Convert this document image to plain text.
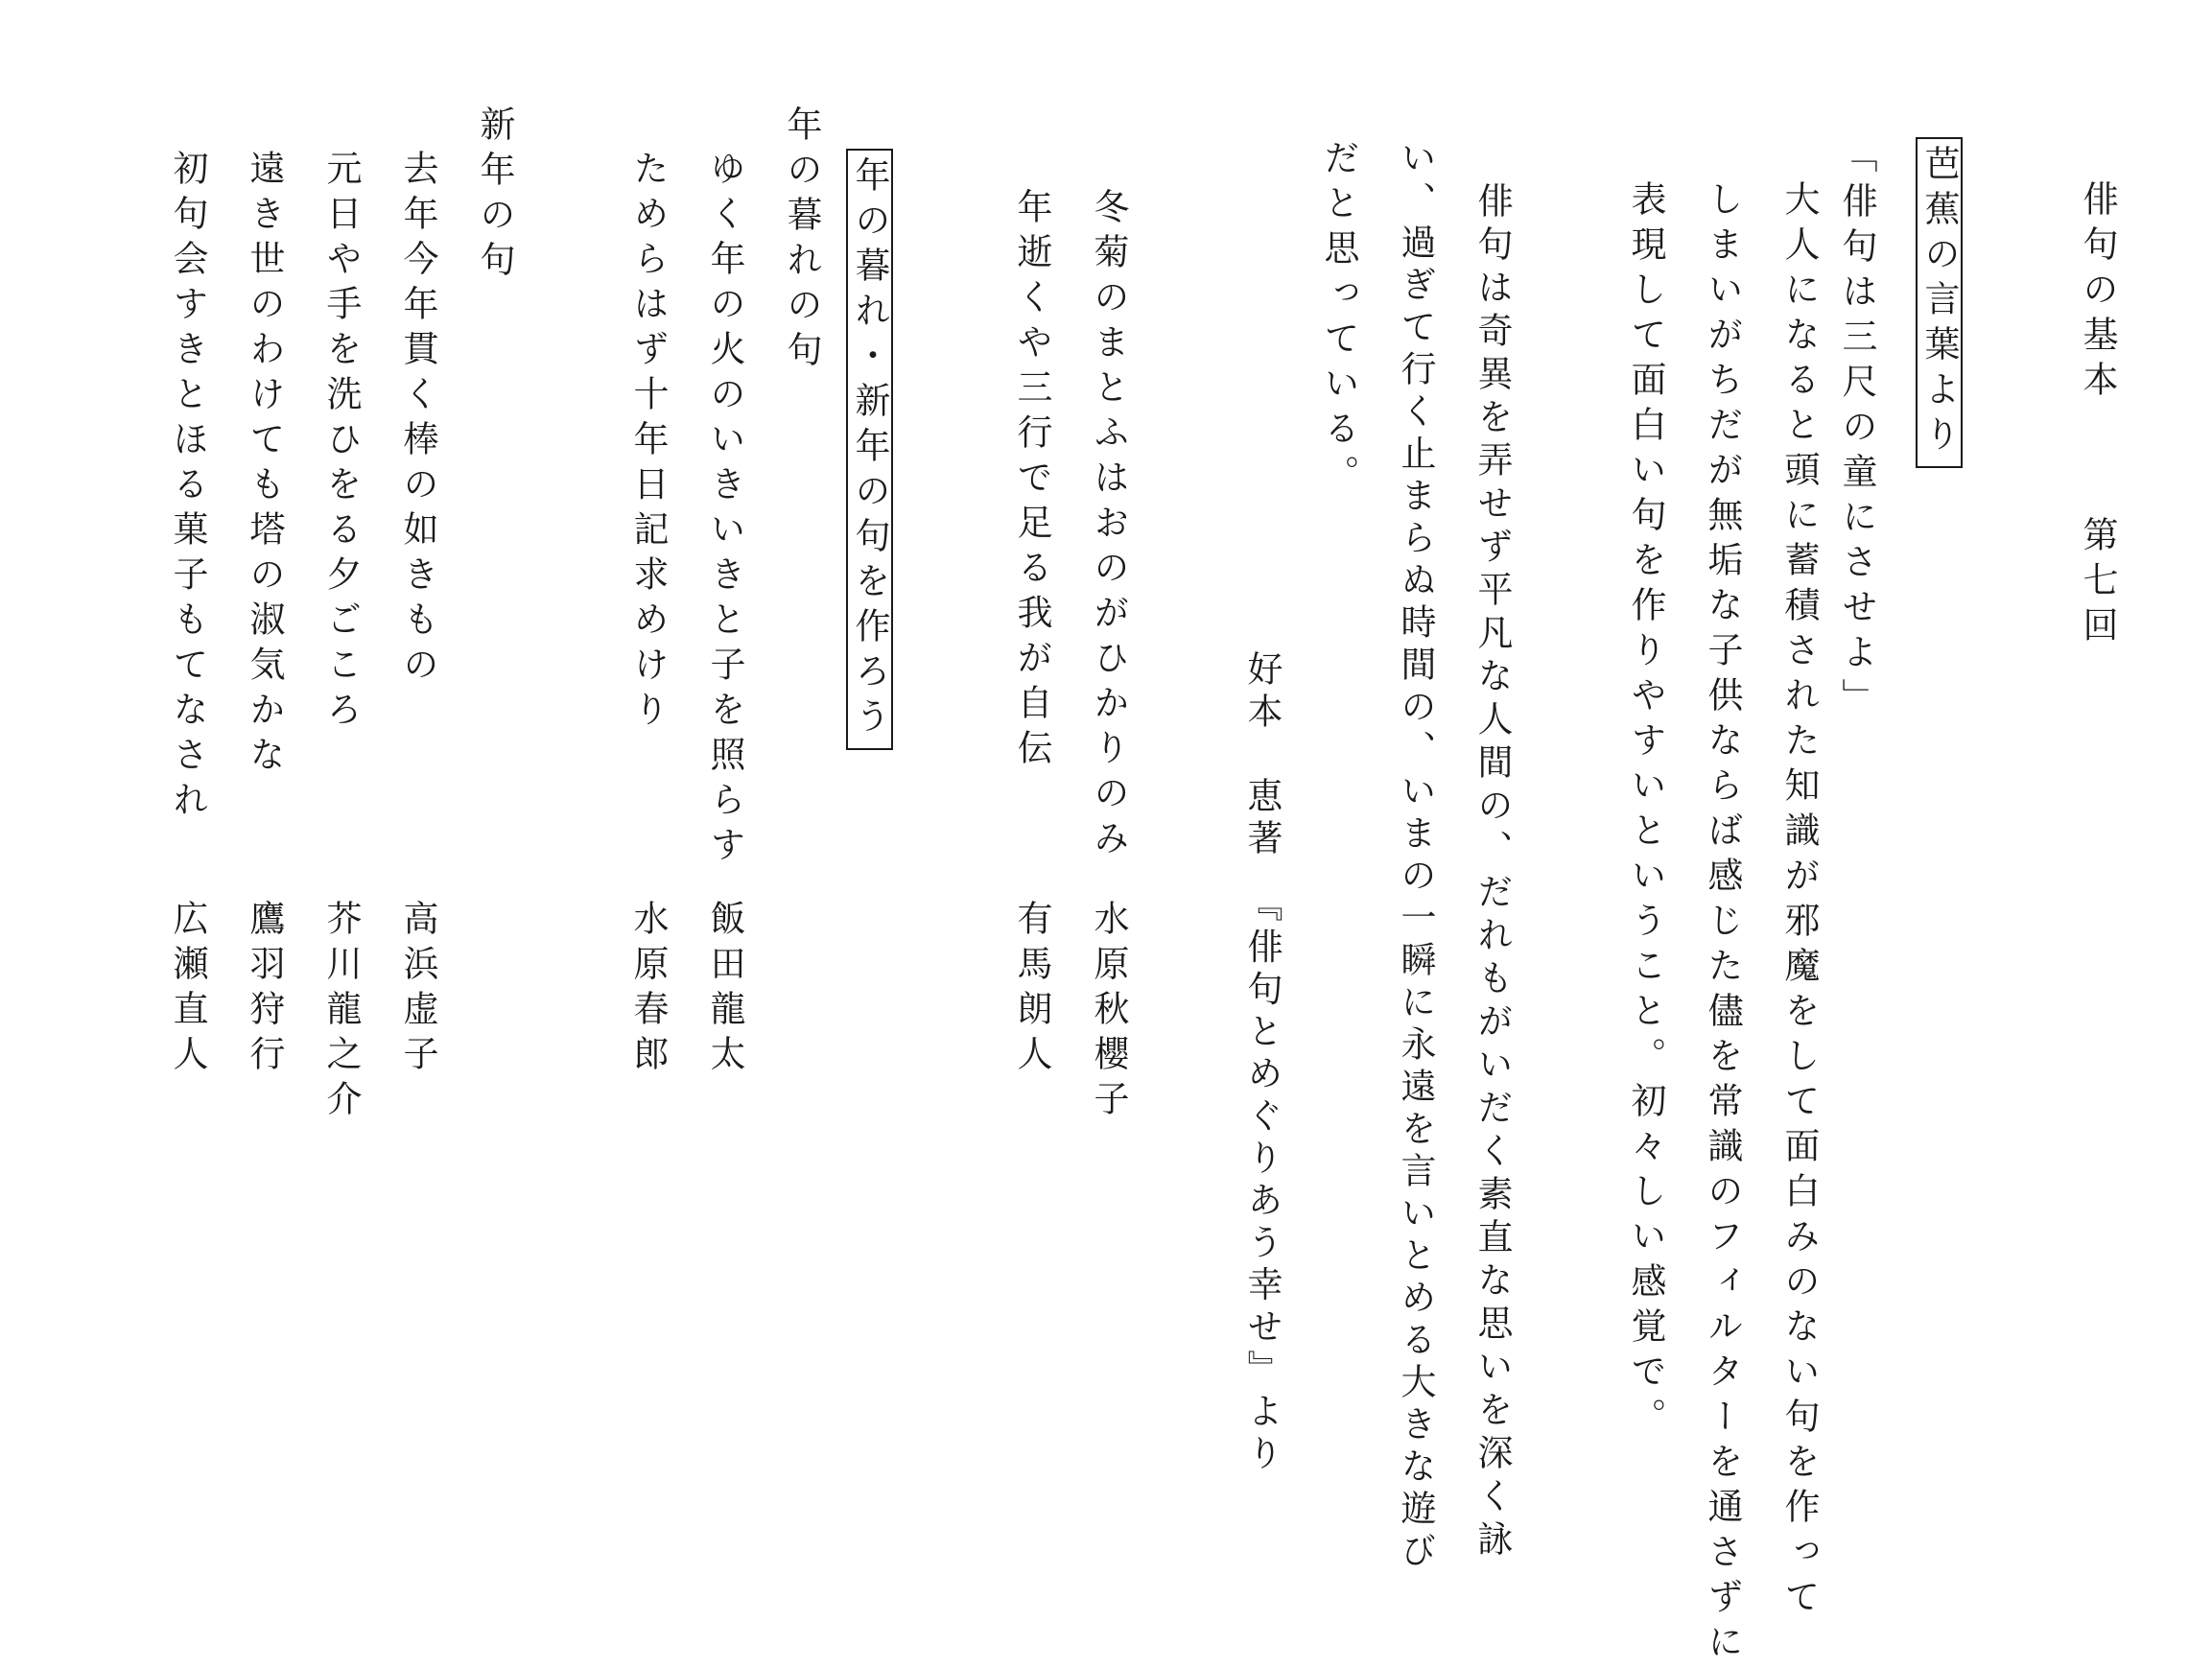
俳句の基本
第七回
芭蕉の言葉より
「俳句は三尺の童にさせよ」
大人になると頭に蓄積された知識が邪魔をして面白みのない句を作って
しまいがちだが無垢な子供ならば感じた儘を常識のフィルターを通さずに
表現して面白い句を作りやすいということ。初々しい感覚で。
　俳句は奇異を弄せず平凡な人間の、だれもがいだく素直な思いを深く詠
い、過ぎて行く止まらぬ時間の、いまの一瞬に永遠を言いとめる大きな遊び
だと思っている。
好本　恵著　『俳句とめぐりあう幸せ』より
冬菊のまとふはおのがひかりのみ
水原秋櫻子
年逝くや三行で足る我が自伝
有馬朗人
年の暮れ・新年の句を作ろう
年の暮れの句
ゆく年の火のいきいきと子を照らす
飯田龍太
ためらはず十年日記求めけり
水原春郎
新年の句
去年今年貫く棒の如きもの
高浜虚子
元日や手を洗ひをる夕ごころ
芥川龍之介
遠き世のわけても塔の淑気かな
鷹羽狩行
初句会すきとほる菓子もてなされ
広瀬直人
